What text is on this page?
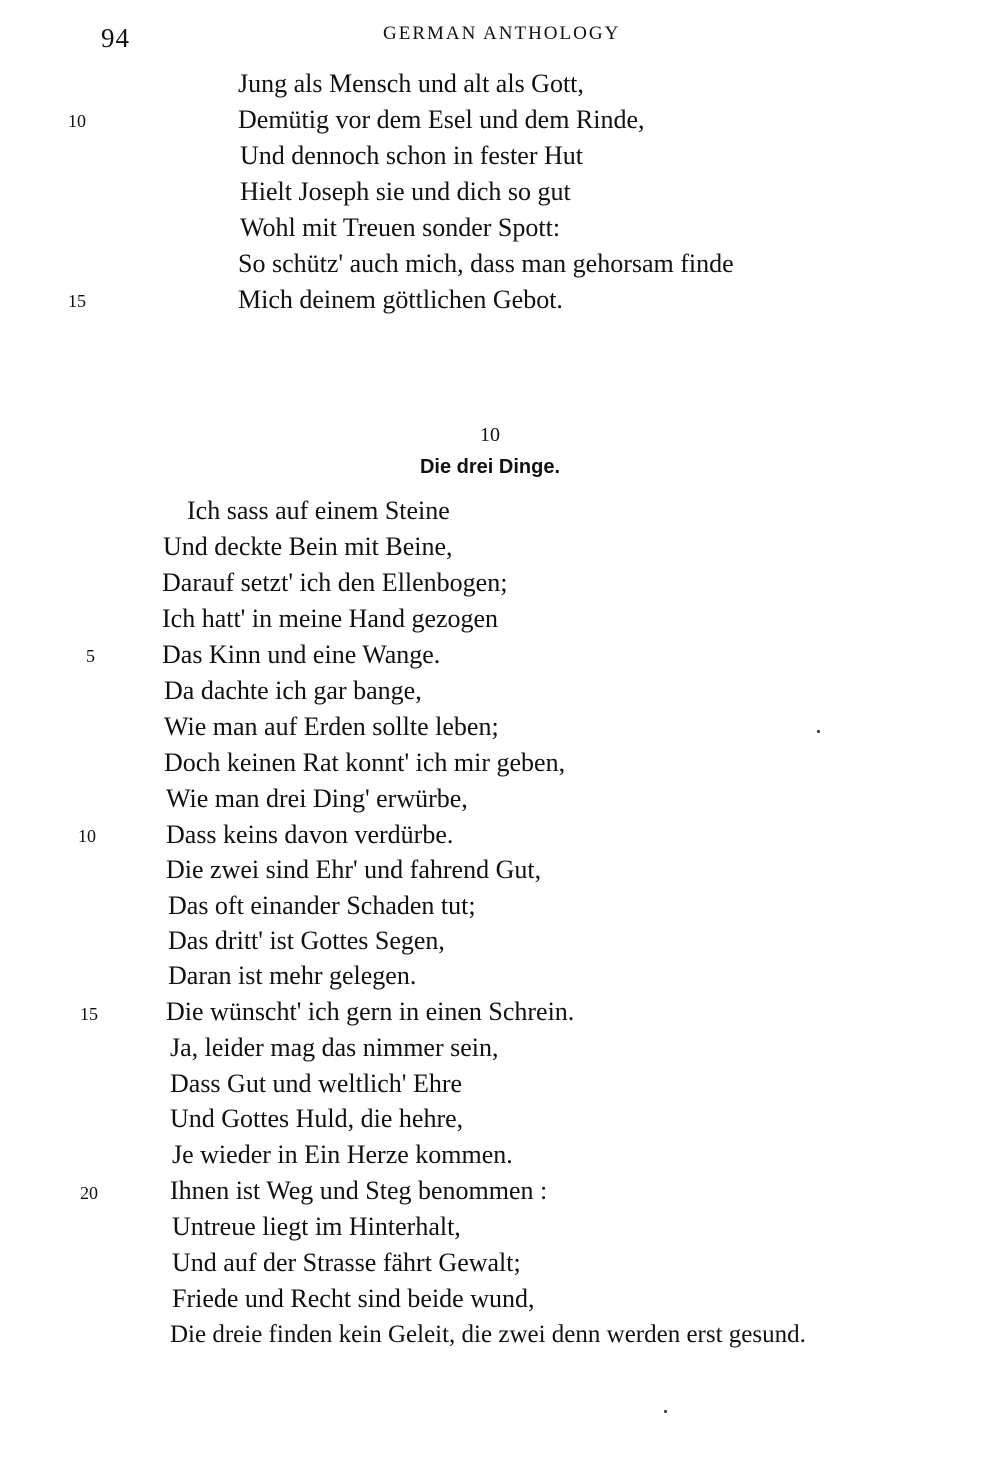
94	GERMAN ANTHOLOGY
Jung als Mensch und alt als Gott,
10	Demütig vor dem Esel und dem Rinde,
Und dennoch schon in fester Hut
Hielt Joseph sie und dich so gut
Wohl mit Treuen sonder Spott:
So schütz' auch mich, dass man gehorsam finde
15	Mich deinem göttlichen Gebot.
10
Die drei Dinge.
Ich sass auf einem Steine
Und deckte Bein mit Beine,
Darauf setzt' ich den Ellenbogen;
Ich hatt' in meine Hand gezogen
5	Das Kinn und eine Wange.
Da dachte ich gar bange,
Wie man auf Erden sollte leben;
Doch keinen Rat konnt' ich mir geben,
Wie man drei Ding' erwürbe,
10	Dass keins davon verdürbe.
Die zwei sind Ehr' und fahrend Gut,
Das oft einander Schaden tut;
Das dritt' ist Gottes Segen,
Daran ist mehr gelegen.
15	Die wünscht' ich gern in einen Schrein.
Ja, leider mag das nimmer sein,
Dass Gut und weltlich' Ehre
Und Gottes Huld, die hehre,
Je wieder in Ein Herze kommen.
20	Ihnen ist Weg und Steg benommen :
Untreue liegt im Hinterhalt,
Und auf der Strasse fährt Gewalt;
Friede und Recht sind beide wund,
Die dreie finden kein Geleit, die zwei denn werden erst gesund.
